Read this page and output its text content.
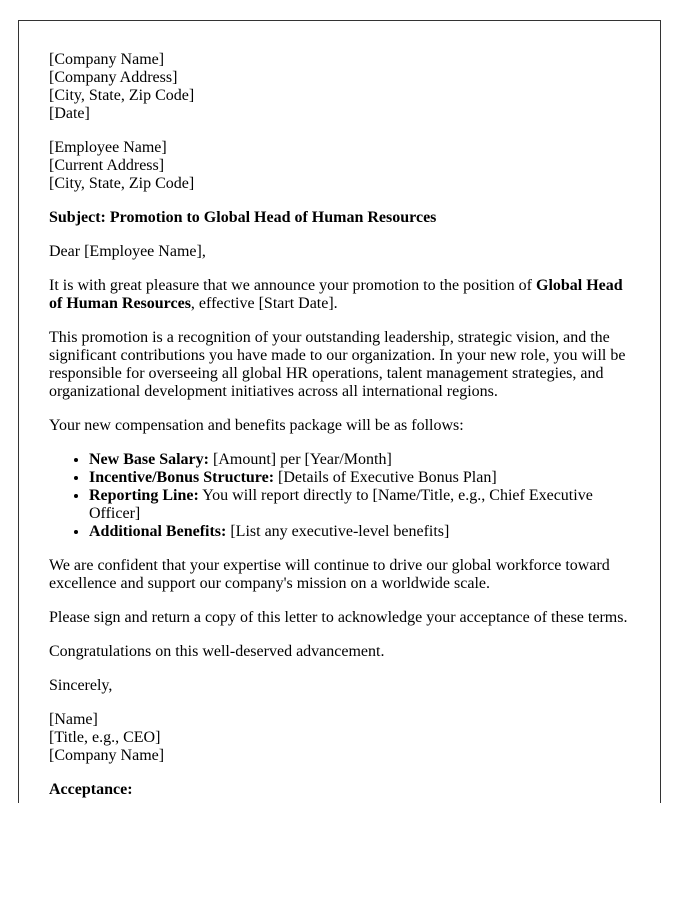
[Company Name]
[Company Address]
[City, State, Zip Code]
[Date]

[Employee Name]
[Current Address]
[City, State, Zip Code]

Subject: Promotion to Global Head of Human Resources

Dear [Employee Name],

It is with great pleasure that we announce your promotion to the position of Global Head of Human Resources, effective [Start Date].

This promotion is a recognition of your outstanding leadership, strategic vision, and the significant contributions you have made to our organization. In your new role, you will be responsible for overseeing all global HR operations, talent management strategies, and organizational development initiatives across all international regions.

Your new compensation and benefits package will be as follows:

• New Base Salary: [Amount] per [Year/Month]
• Incentive/Bonus Structure: [Details of Executive Bonus Plan]
• Reporting Line: You will report directly to [Name/Title, e.g., Chief Executive Officer]
• Additional Benefits: [List any executive-level benefits]

We are confident that your expertise will continue to drive our global workforce toward excellence and support our company's mission on a worldwide scale.

Please sign and return a copy of this letter to acknowledge your acceptance of these terms.

Congratulations on this well-deserved advancement.

Sincerely,

[Name]
[Title, e.g., CEO]
[Company Name]

Acceptance:
